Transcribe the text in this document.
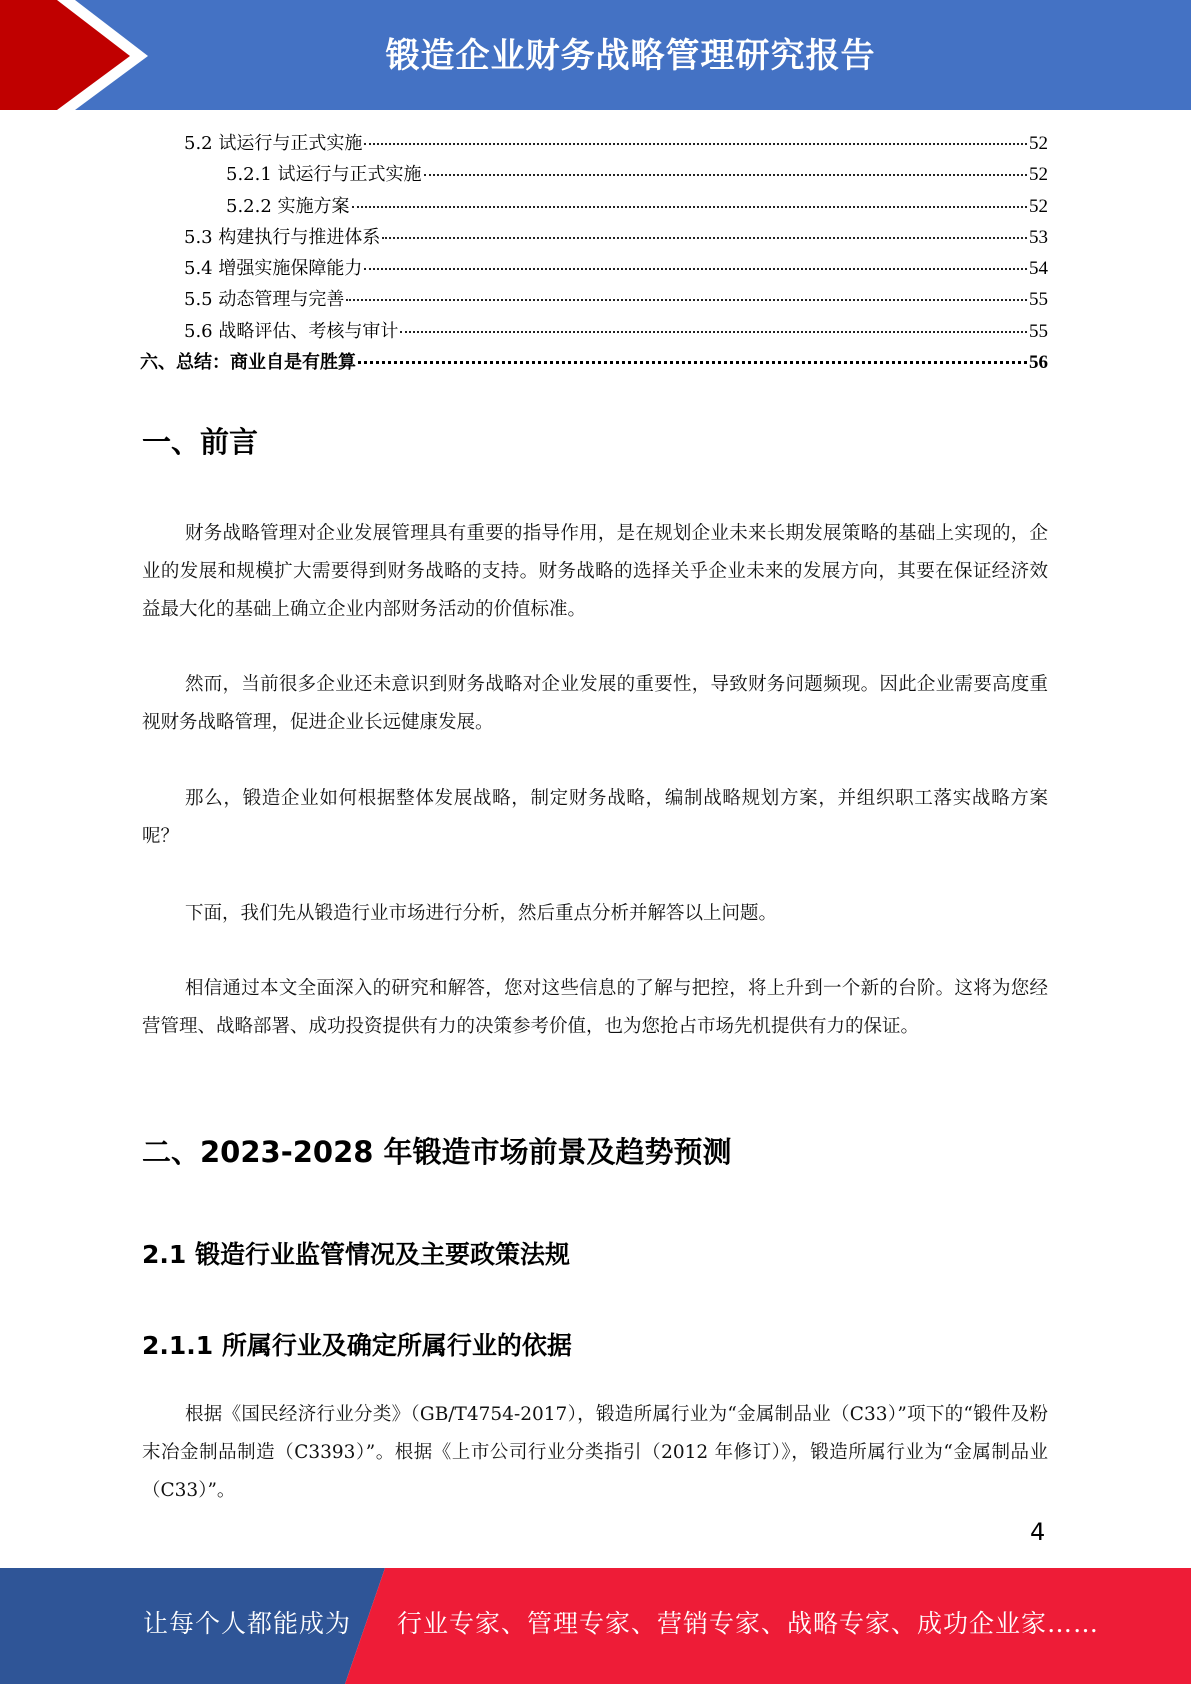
锻造企业财务战略管理研究报告
5.2 试运行与正式实施	52
5.2.1 试运行与正式实施	52
5.2.2 实施方案	52
5.3 构建执行与推进体系	53
5.4 增强实施保障能力	54
5.5 动态管理与完善	55
5.6 战略评估、考核与审计	55
六、总结：商业自是有胜算	56
一、前言
财务战略管理对企业发展管理具有重要的指导作用，是在规划企业未来长期发展策略的基础上实现的，企业的发展和规模扩大需要得到财务战略的支持。财务战略的选择关乎企业未来的发展方向，其要在保证经济效益最大化的基础上确立企业内部财务活动的价值标准。
然而，当前很多企业还未意识到财务战略对企业发展的重要性，导致财务问题频现。因此企业需要高度重视财务战略管理，促进企业长远健康发展。
那么，锻造企业如何根据整体发展战略，制定财务战略，编制战略规划方案，并组织职工落实战略方案呢？
下面，我们先从锻造行业市场进行分析，然后重点分析并解答以上问题。
相信通过本文全面深入的研究和解答，您对这些信息的了解与把控，将上升到一个新的台阶。这将为您经营管理、战略部署、成功投资提供有力的决策参考价值，也为您抢占市场先机提供有力的保证。
二、2023-2028 年锻造市场前景及趋势预测
2.1 锻造行业监管情况及主要政策法规
2.1.1 所属行业及确定所属行业的依据
根据《国民经济行业分类》（GB/T4754-2017），锻造所属行业为“金属制品业（C33）”项下的“锻件及粉末冶金制品制造（C3393）”。根据《上市公司行业分类指引（2012 年修订）》，锻造所属行业为“金属制品业（C33）”。
4
让每个人都能成为 行业专家、管理专家、营销专家、战略专家、成功企业家……
